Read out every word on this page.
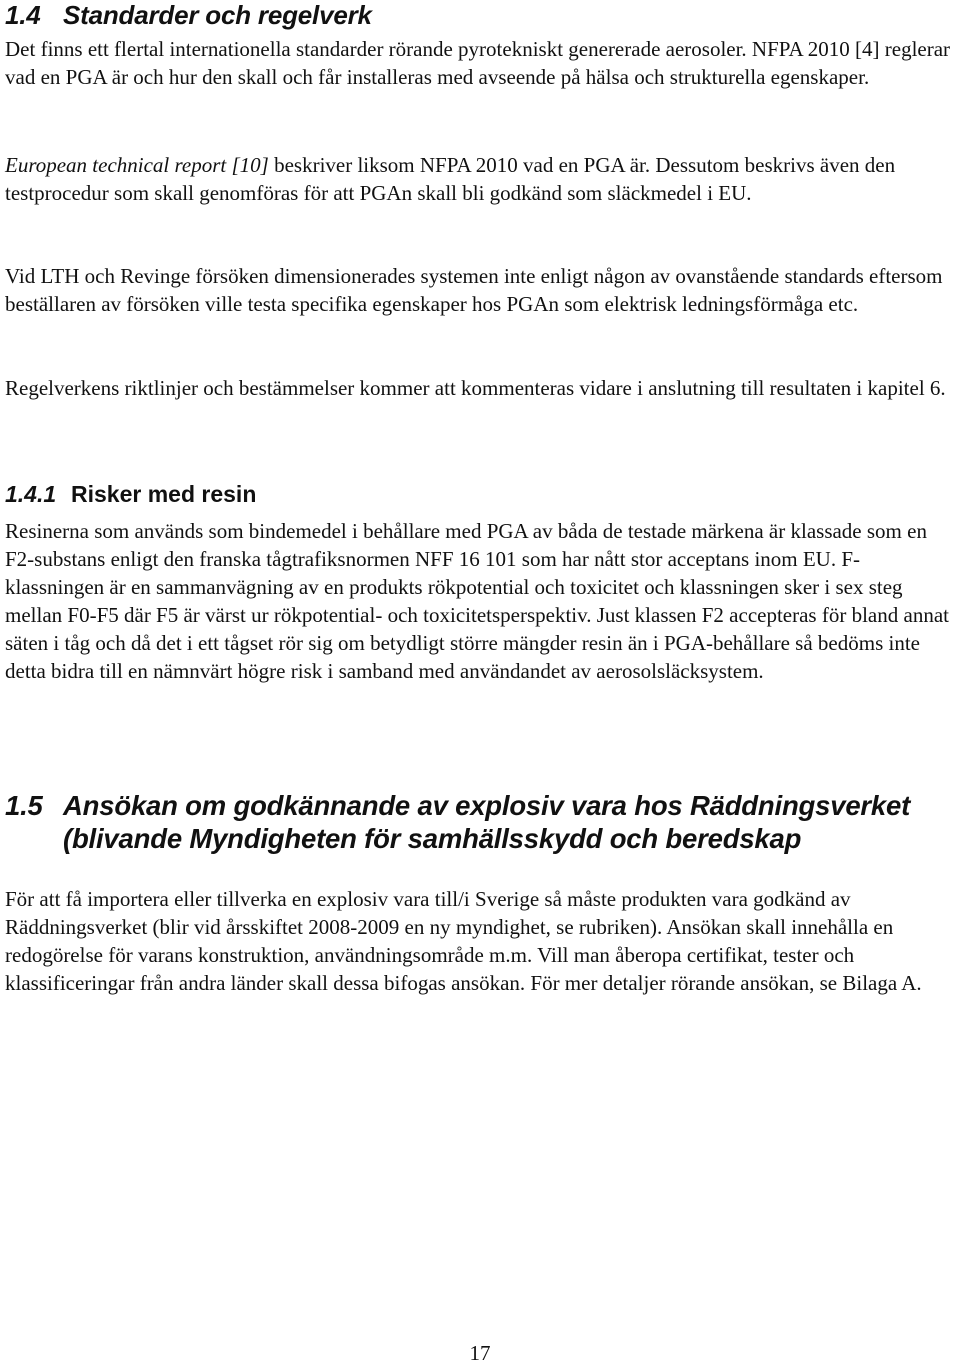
1.4 Standarder och regelverk

Det finns ett flertal internationella standarder rörande pyrotekniskt genererade aerosoler. NFPA 2010 [4] reglerar vad en PGA är och hur den skall och får installeras med avseende på hälsa och strukturella egenskaper.

European technical report [10] beskriver liksom NFPA 2010 vad en PGA är. Dessutom beskrivs även den testprocedur som skall genomföras för att PGAn skall bli godkänd som släckmedel i EU.

Vid LTH och Revinge försöken dimensionerades systemen inte enligt någon av ovanstående standards eftersom beställaren av försöken ville testa specifika egenskaper hos PGAn som elektrisk ledningsförmåga etc.

Regelverkens riktlinjer och bestämmelser kommer att kommenteras vidare i anslutning till resultaten i kapitel 6.

1.4.1 Risker med resin

Resinerna som används som bindemedel i behållare med PGA av båda de testade märkena är klassade som en F2-substans enligt den franska tågtrafiksnormen NFF 16 101 som har nått stor acceptans inom EU. F-klassningen är en sammanvägning av en produkts rökpotential och toxicitet och klassningen sker i sex steg mellan F0-F5 där F5 är värst ur rökpotential- och toxicitetsperspektiv. Just klassen F2 accepteras för bland annat säten i tåg och då det i ett tågset rör sig om betydligt större mängder resin än i PGA-behållare så bedöms inte detta bidra till en nämnvärt högre risk i samband med användandet av aerosolsläcksystem.

1.5 Ansökan om godkännande av explosiv vara hos Räddningsverket
(blivande Myndigheten för samhällsskydd och beredskap

För att få importera eller tillverka en explosiv vara till/i Sverige så måste produkten vara godkänd av Räddningsverket (blir vid årsskiftet 2008-2009 en ny myndighet, se rubriken). Ansökan skall innehålla en redogörelse för varans konstruktion, användningsområde m.m. Vill man åberopa certifikat, tester och klassificeringar från andra länder skall dessa bifogas ansökan. För mer detaljer rörande ansökan, se Bilaga A.

17
